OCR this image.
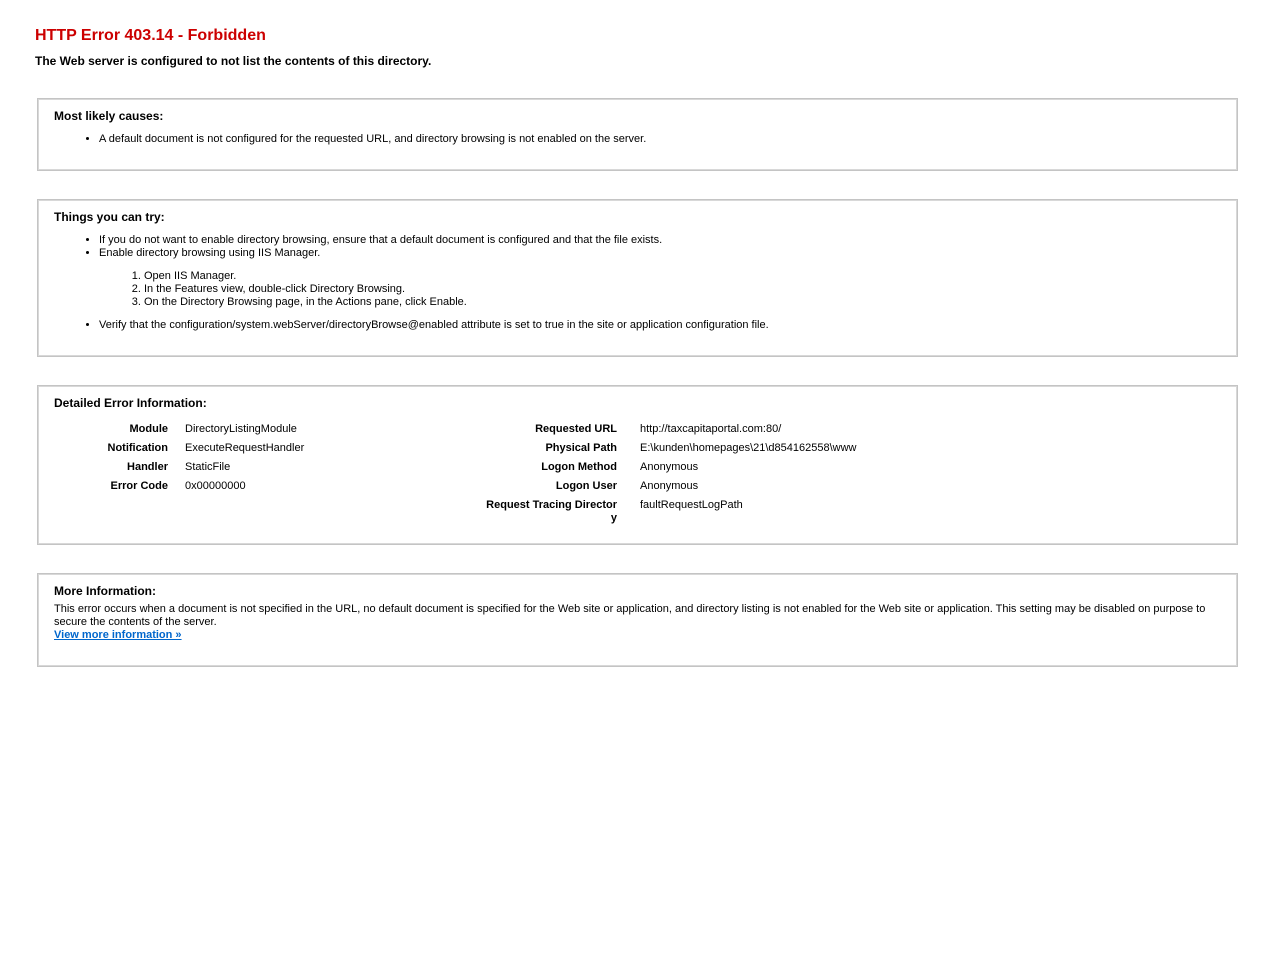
HTTP Error 403.14 - Forbidden
The Web server is configured to not list the contents of this directory.
Most likely causes:
• A default document is not configured for the requested URL, and directory browsing is not enabled on the server.
Things you can try:
• If you do not want to enable directory browsing, ensure that a default document is configured and that the file exists.
• Enable directory browsing using IIS Manager.
1. Open IIS Manager.
2. In the Features view, double-click Directory Browsing.
3. On the Directory Browsing page, in the Actions pane, click Enable.
• Verify that the configuration/system.webServer/directoryBrowse@enabled attribute is set to true in the site or application configuration file.
Detailed Error Information:
Module DirectoryListingModule
Notification ExecuteRequestHandler
Handler StaticFile
Error Code 0x00000000
Requested URL http://taxcapitaportal.com:80/
Physical Path E:\kunden\homepages\21\d854162558\www
Logon Method Anonymous
Logon User Anonymous
Request Tracing Director
y
faultRequestLogPath
More Information:

This error occurs when a document is not specified in the URL, no default document is specified for the Web site or application, and directory listing is not enabled for the Web site or application. This setting may be disabled on purpose to secure the contents of the server.

View more information »
